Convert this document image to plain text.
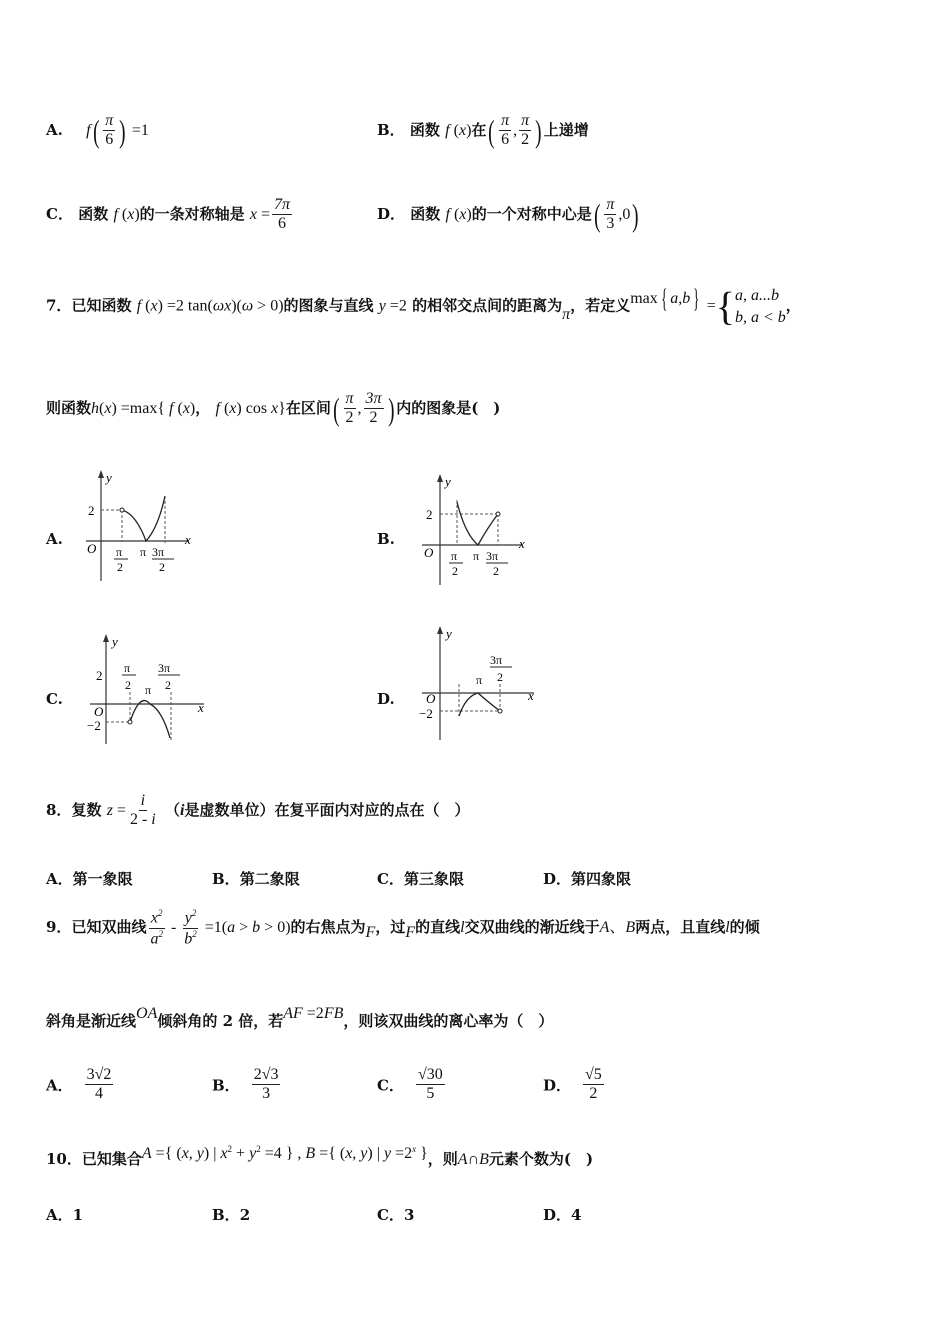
A. $f( \frac{\pi}{6}$ ) =1	B． 函数 f (x)在( $\frac{\pi}{6}$ , $\frac{\pi}{2}$ ) 上递增
C． 函数 f (x)的一条对称轴是 $x = \frac{7\pi}{6}$	D． 函数 f (x)的一个对称中心是( $\frac{\pi}{3} ,0$)
7．已知函数 f (x) =2 tan(ωx)(ω > 0)的图象与直线 y =2 的相邻交点间的距离为π，若定义max { a,b } ={ a, a...b
b, a < b
，
则函数h(x) =max{ f (x)， f (x) cos x}在区间( $\frac{\pi}{2}$ , $\frac{3\pi}{2}$ ) 内的图象是(　)
A.	B.
C.	D.
y
x
O
2
π
2
π 3π
2
y
x
O
2
π
2
π 3π
2
y
x
O
2
−2
π
2 π
3π
2
y
x
O
−2
π
3π
2
8．复数 $z = \frac{i}{2 - i} (i$是虚数单位）在复平面内对应的点在（　）
A．第一象限	B．第二象限	C．第三象限	D．第四象限
9．已知双曲线 $\frac{x^2}{a^2} - \frac{y^2}{b^2} =1(a > b > 0)$的右焦点为F，过F的直线l交双曲线的渐近线于A、B两点，且直线l的倾
斜角是渐近线OA倾斜角的 2 倍，若AF =2FB，则该双曲线的离心率为（　）
A． $\frac{3√2}{4}$	B． $\frac{2√3}{3}$	C． $\frac{√30}{5}$	D． $\frac{√5}{2}$
10．已知集合A ={ (x, y) | $x^2 + y^2 =4$ } , B ={ (x, y) | $y =2^x$ }，则A∩B元素个数为(　)
A．1	B．2	C．3	D．4
